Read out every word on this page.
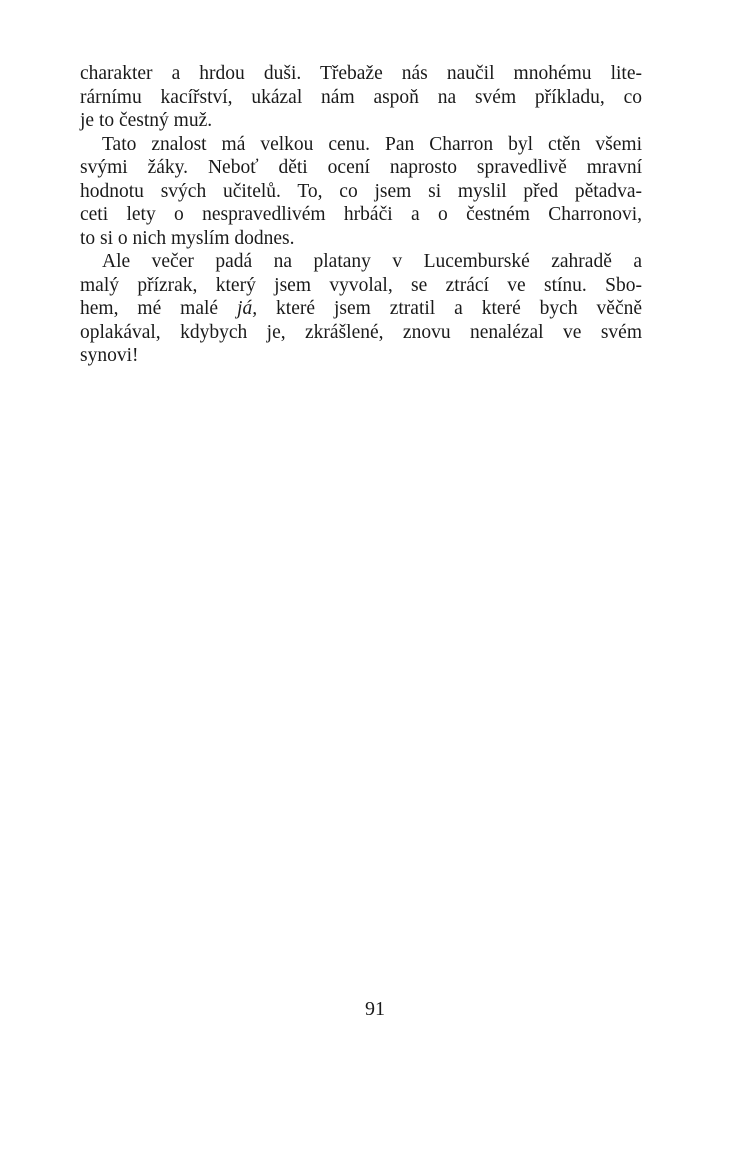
charakter a hrdou duši. Třebaže nás naučil mnohému lite-
rárnímu kacířství, ukázal nám aspoň na svém příkladu, co
je to čestný muž.
Tato znalost má velkou cenu. Pan Charron byl ctěn všemi
svými žáky. Neboť děti ocení naprosto spravedlivě mravní
hodnotu svých učitelů. To, co jsem si myslil před pětadva-
ceti lety o nespravedlivém hrbáči a o čestném Charronovi,
to si o nich myslím dodnes.
Ale večer padá na platany v Lucemburské zahradě a
malý přízrak, který jsem vyvolal, se ztrácí ve stínu. Sbo-
hem, mé malé já, které jsem ztratil a které bych věčně
oplakával, kdybych je, zkrášlené, znovu nenalézal ve svém
synovi!
91
